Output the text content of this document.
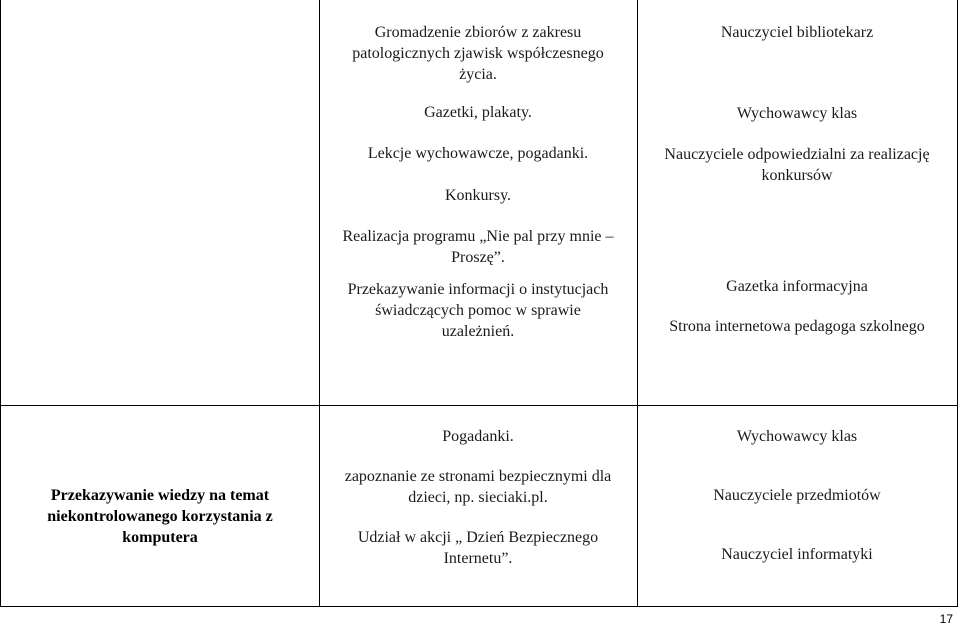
Gromadzenie zbiorów z zakresu patologicznych zjawisk współczesnego życia.

Gazetki, plakaty.

Lekcje wychowawcze, pogadanki.

Konkursy.

Realizacja programu „Nie pal przy mnie – Proszę”.

Przekazywanie informacji o instytucjach świadczących pomoc w sprawie uzależnień.

Nauczyciel bibliotekarz

Wychowawcy klas

Nauczyciele odpowiedzialni za realizację konkursów

Gazetka informacyjna

Strona internetowa pedagoga szkolnego

Przekazywanie wiedzy na temat niekontrolowanego korzystania z komputera

Pogadanki.

zapoznanie ze stronami bezpiecznymi dla dzieci, np. sieciaki.pl.

Udział w akcji „ Dzień Bezpiecznego Internetu”.

Wychowawcy klas

Nauczyciele przedmiotów

Nauczyciel informatyki

17
